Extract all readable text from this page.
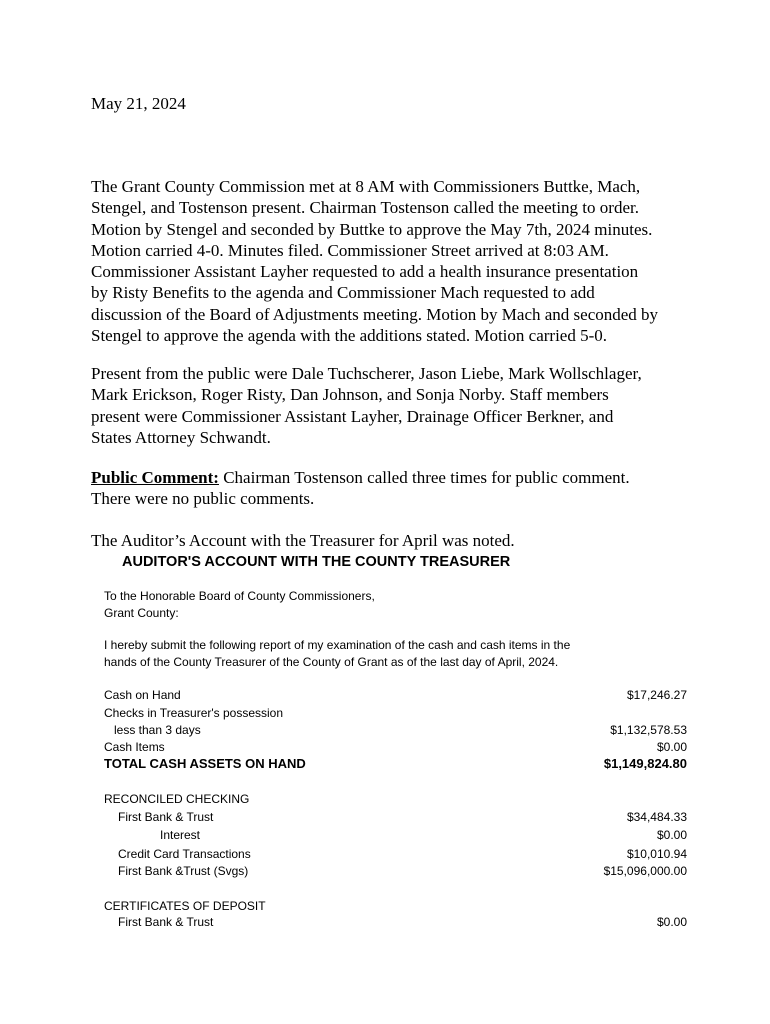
May 21, 2024
The Grant County Commission met at 8 AM with Commissioners Buttke, Mach,
Stengel, and Tostenson present. Chairman Tostenson called the meeting to order.
Motion by Stengel and seconded by Buttke to approve the May 7th, 2024 minutes.
Motion carried 4-0. Minutes filed. Commissioner Street arrived at 8:03 AM.
Commissioner Assistant Layher requested to add a health insurance presentation
by Risty Benefits to the agenda and Commissioner Mach requested to add
discussion of the Board of Adjustments meeting. Motion by Mach and seconded by
Stengel to approve the agenda with the additions stated. Motion carried 5-0.
Present from the public were Dale Tuchscherer, Jason Liebe, Mark Wollschlager,
Mark Erickson, Roger Risty, Dan Johnson, and Sonja Norby. Staff members
present were Commissioner Assistant Layher, Drainage Officer Berkner, and
States Attorney Schwandt.
Public Comment: Chairman Tostenson called three times for public comment.
There were no public comments.
The Auditor’s Account with the Treasurer for April was noted.
AUDITOR'S ACCOUNT WITH THE COUNTY TREASURER
To the Honorable Board of County Commissioners,
Grant County:
I hereby submit the following report of my examination of the cash and cash items in the
hands of the County Treasurer of the County of Grant as of the last day of April, 2024.
Cash on Hand	$17,246.27
Checks in Treasurer's possession
less than 3 days	$1,132,578.53
Cash Items	$0.00
TOTAL CASH ASSETS ON HAND	$1,149,824.80
RECONCILED CHECKING
First Bank & Trust	$34,484.33
Interest	$0.00
Credit Card Transactions	$10,010.94
First Bank &Trust (Svgs)	$15,096,000.00
CERTIFICATES OF DEPOSIT
First Bank & Trust	$0.00
